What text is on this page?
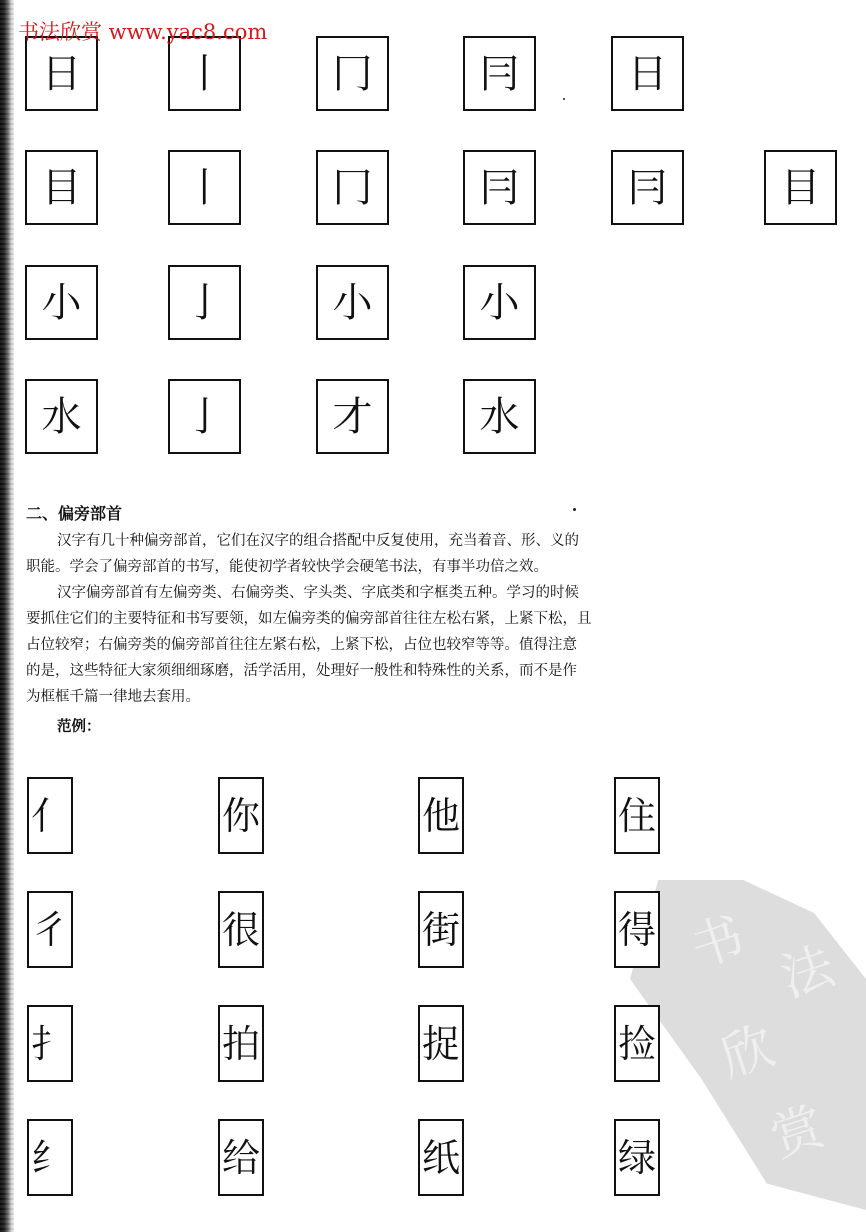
书法欣赏 www.yac8.com
书 法
欣
赏
日	丨	冂	冃	日
目	丨	冂	冃	冃	目
小	亅	小	小
水	亅	才	水
二、偏旁部首
汉字有几十种偏旁部首，它们在汉字的组合搭配中反复使用，充当着音、形、义的
职能。学会了偏旁部首的书写，能使初学者较快学会硬笔书法，有事半功倍之效。
汉字偏旁部首有左偏旁类、右偏旁类、字头类、字底类和字框类五种。学习的时候
要抓住它们的主要特征和书写要领，如左偏旁类的偏旁部首往往左松右紧，上紧下松，且
占位较窄；右偏旁类的偏旁部首往往左紧右松，上紧下松，占位也较窄等等。值得注意
的是，这些特征大家须细细琢磨，活学活用，处理好一般性和特殊性的关系，而不是作
为框框千篇一律地去套用。
范例：
亻	你	他	住
彳	很	街	得
扌	拍	捉	捡
纟	给	纸	绿
